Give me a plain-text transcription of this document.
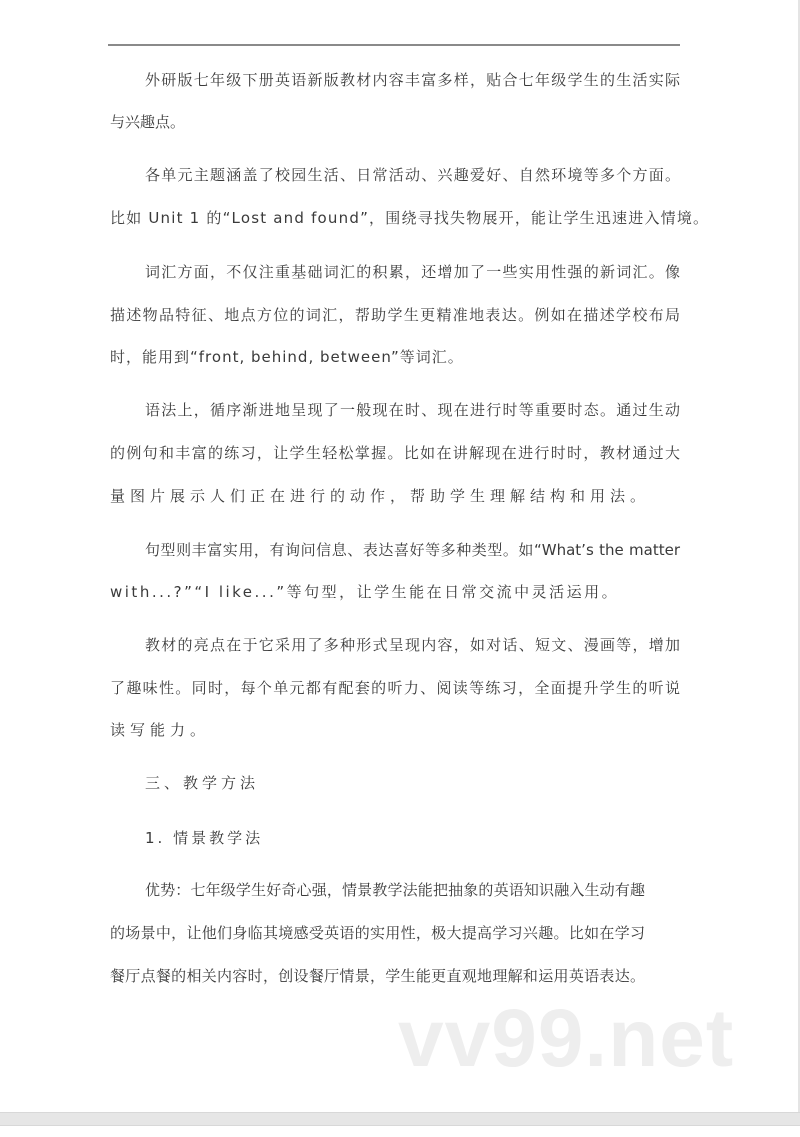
外研版七年级下册英语新版教材内容丰富多样，贴合七年级学生的生活实际
与兴趣点。
各单元主题涵盖了校园生活、日常活动、兴趣爱好、自然环境等多个方面。
比如 Unit 1 的“Lost and found”，围绕寻找失物展开，能让学生迅速进入情境。
词汇方面，不仅注重基础词汇的积累，还增加了一些实用性强的新词汇。像
描述物品特征、地点方位的词汇，帮助学生更精准地表达。例如在描述学校布局
时，能用到“front, behind, between”等词汇。
语法上，循序渐进地呈现了一般现在时、现在进行时等重要时态。通过生动
的例句和丰富的练习，让学生轻松掌握。比如在讲解现在进行时时，教材通过大
量图片展示人们正在进行的动作，帮助学生理解结构和用法。
句型则丰富实用，有询问信息、表达喜好等多种类型。如“What’s the matter
with...?”“I like...”等句型，让学生能在日常交流中灵活运用。
教材的亮点在于它采用了多种形式呈现内容，如对话、短文、漫画等，增加
了趣味性。同时，每个单元都有配套的听力、阅读等练习，全面提升学生的听说
读写能力。
三、教学方法
1. 情景教学法
优势：七年级学生好奇心强，情景教学法能把抽象的英语知识融入生动有趣
的场景中，让他们身临其境感受英语的实用性，极大提高学习兴趣。比如在学习
餐厅点餐的相关内容时，创设餐厅情景，学生能更直观地理解和运用英语表达。
vv99.net
